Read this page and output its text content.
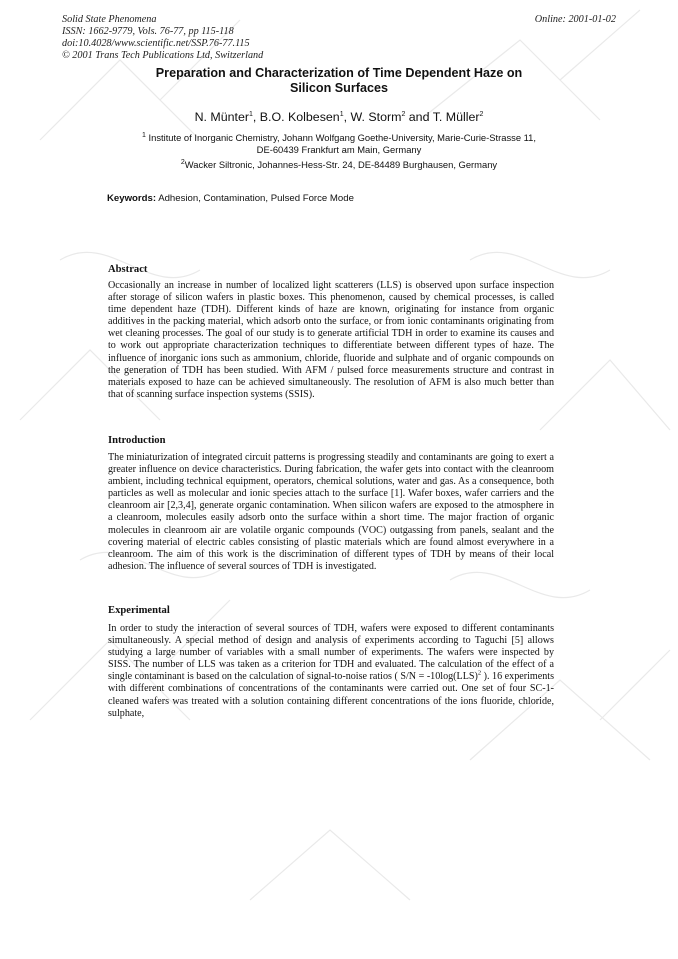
Solid State Phenomena
ISSN: 1662-9779, Vols. 76-77, pp 115-118
doi:10.4028/www.scientific.net/SSP.76-77.115
© 2001 Trans Tech Publications Ltd, Switzerland
Online: 2001-01-02
Preparation and Characterization of Time Dependent Haze on
Silicon Surfaces
N. Münter$^1$, B.O. Kolbesen$^1$, W. Storm$^2$ and T. Müller$^2$
$^1$ Institute of Inorganic Chemistry, Johann Wolfgang Goethe-University, Marie-Curie-Strasse 11,
DE-60439 Frankfurt am Main, Germany
$^2$Wacker Siltronic, Johannes-Hess-Str. 24, DE-84489 Burghausen, Germany
Keywords: Adhesion, Contamination, Pulsed Force Mode
Abstract

Occasionally an increase in number of localized light scatterers (LLS) is observed upon surface inspection after storage of silicon wafers in plastic boxes. This phenomenon, caused by chemical processes, is called time dependent haze (TDH). Different kinds of haze are known, originating for instance from organic additives in the packing material, which adsorb onto the surface, or from ionic contaminants originating from wet cleaning processes. The goal of our study is to generate artificial TDH in order to examine its causes and to work out appropriate characterization techniques to differentiate between different types of haze. The influence of inorganic ions such as ammonium, chloride, fluoride and sulphate and of organic compounds on the generation of TDH has been studied. With AFM / pulsed force measurements structure and contrast in materials exposed to haze can be achieved simultaneously. The resolution of AFM is also much better than that of scanning surface inspection systems (SSIS).

Introduction

The miniaturization of integrated circuit patterns is progressing steadily and contaminants are going to exert a greater influence on device characteristics. During fabrication, the wafer gets into contact with the cleanroom ambient, including technical equipment, operators, chemical solutions, water and gas. As a consequence, both particles as well as molecular and ionic species attach to the surface [1]. Wafer boxes, wafer carriers and the cleanroom air [2,3,4], generate organic contamination. When silicon wafers are exposed to the atmosphere in a cleanroom, molecules easily adsorb onto the surface within a short time. The major fraction of organic molecules in cleanroom air are volatile organic compounds (VOC) outgassing from panels, sealant and the covering material of electric cables consisting of plastic materials which are found almost everywhere in a cleanroom. The aim of this work is the discrimination of different types of TDH by means of their local adhesion. The influence of several sources of TDH is investigated.

Experimental

In order to study the interaction of several sources of TDH, wafers were exposed to different contaminants simultaneously. A special method of design and analysis of experiments according to Taguchi [5] allows studying a large number of variables with a small number of experiments. The wafers were inspected by SISS. The number of LLS was taken as a criterion for TDH and evaluated. The calculation of the effect of a single contaminant is based on the calculation of signal-to-noise ratios ( S/N = -10log(LLS)$^2$ ). 16 experiments with different combinations of concentrations of the contaminants were carried out. One set of four SC-1-cleaned wafers was treated with a solution containing different concentrations of the ions fluoride, chloride, sulphate,
